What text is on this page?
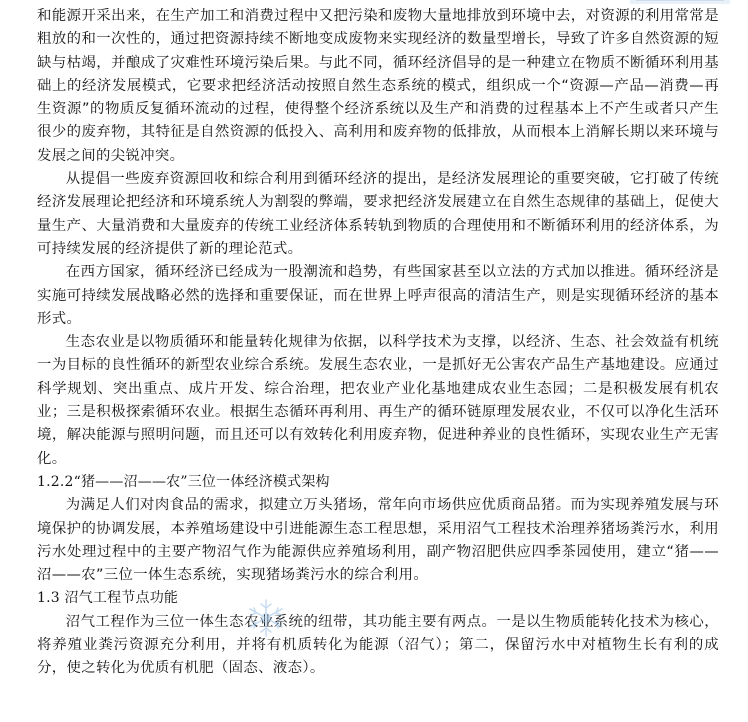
和能源开采出来，在生产加工和消费过程中又把污染和废物大量地排放到环境中去，对资源的利用常常是粗放的和一次性的，通过把资源持续不断地变成废物来实现经济的数量型增长，导致了许多自然资源的短缺与枯竭，并酿成了灾难性环境污染后果。与此不同，循环经济倡导的是一种建立在物质不断循环利用基础上的经济发展模式，它要求把经济活动按照自然生态系统的模式，组织成一个“资源—产品—消费—再生资源”的物质反复循环流动的过程，使得整个经济系统以及生产和消费的过程基本上不产生或者只产生很少的废弃物，其特征是自然资源的低投入、高利用和废弃物的低排放，从而根本上消解长期以来环境与发展之间的尖锐冲突。

从提倡一些废弃资源回收和综合利用到循环经济的提出，是经济发展理论的重要突破，它打破了传统经济发展理论把经济和环境系统人为割裂的弊端，要求把经济发展建立在自然生态规律的基础上，促使大量生产、大量消费和大量废弃的传统工业经济体系转轨到物质的合理使用和不断循环利用的经济体系，为可持续发展的经济提供了新的理论范式。

在西方国家，循环经济已经成为一股潮流和趋势，有些国家甚至以立法的方式加以推进。循环经济是实施可持续发展战略必然的选择和重要保证，而在世界上呼声很高的清洁生产，则是实现循环经济的基本形式。

生态农业是以物质循环和能量转化规律为依据，以科学技术为支撑，以经济、生态、社会效益有机统一为目标的良性循环的新型农业综合系统。发展生态农业，一是抓好无公害农产品生产基地建设。应通过科学规划、突出重点、成片开发、综合治理，把农业产业化基地建成农业生态园；二是积极发展有机农业；三是积极探索循环农业。根据生态循环再利用、再生产的循环链原理发展农业，不仅可以净化生活环境，解决能源与照明问题，而且还可以有效转化利用废弃物，促进种养业的良性循环，实现农业生产无害化。

1.2.2“猪——沼——农”三位一体经济模式架构

为满足人们对肉食品的需求，拟建立万头猪场，常年向市场供应优质商品猪。而为实现养殖发展与环境保护的协调发展，本养殖场建设中引进能源生态工程思想，采用沼气工程技术治理养猪场粪污水，利用污水处理过程中的主要产物沼气作为能源供应养殖场利用，副产物沼肥供应四季茶园使用，建立“猪——沼——农”三位一体生态系统，实现猪场粪污水的综合利用。

1.3 沼气工程节点功能

沼气工程作为三位一体生态农业系统的纽带，其功能主要有两点。一是以生物质能转化技术为核心，将养殖业粪污资源充分利用，并将有机质转化为能源（沼气）；第二，保留污水中对植物生长有利的成分，使之转化为优质有机肥（固态、液态）。
